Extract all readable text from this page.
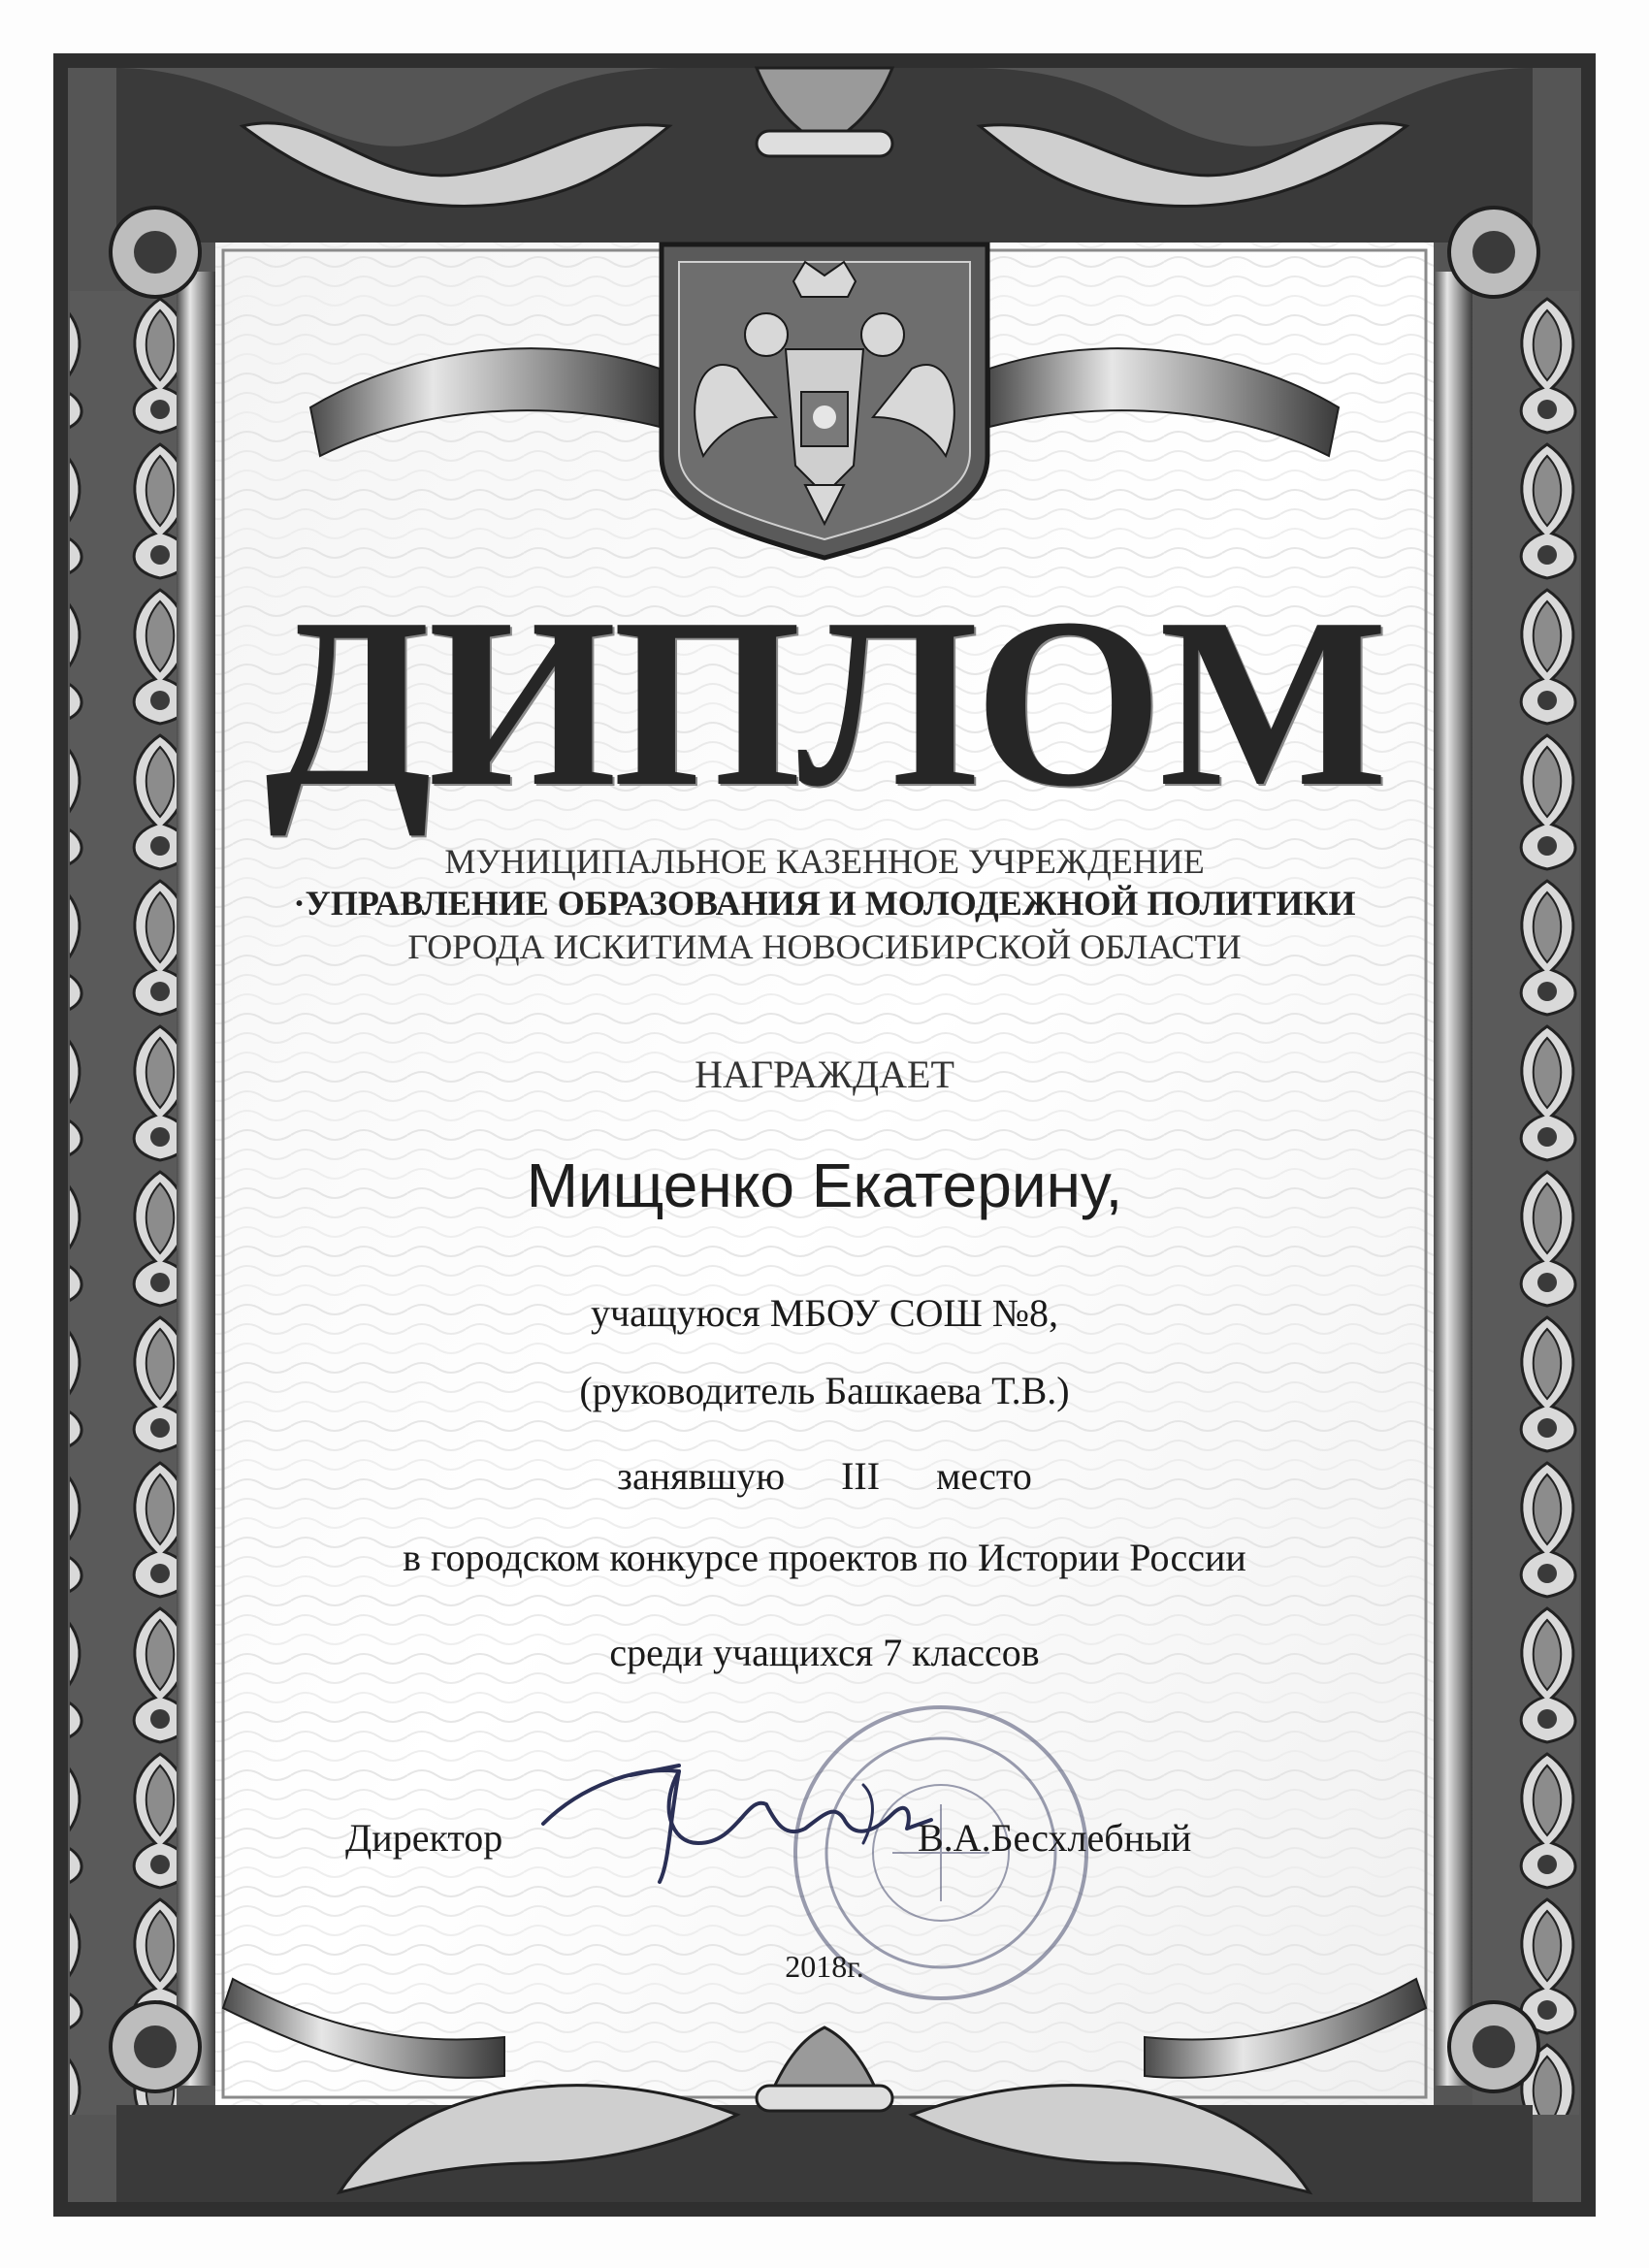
ДИПЛОМ
МУНИЦИПАЛЬНОЕ КАЗЕННОЕ УЧРЕЖДЕНИЕ
·УПРАВЛЕНИЕ ОБРАЗОВАНИЯ И МОЛОДЕЖНОЙ ПОЛИТИКИ
ГОРОДА ИСКИТИМА НОВОСИБИРСКОЙ ОБЛАСТИ
НАГРАЖДАЕТ
Мищенко Екатерину,
учащуюся МБОУ СОШ №8,
(руководитель Башкаева Т.В.)
занявшую III место
в городском конкурсе проектов по Истории России
среди учащихся 7 классов
Директор	В.А.Бесхлебный
2018г.
